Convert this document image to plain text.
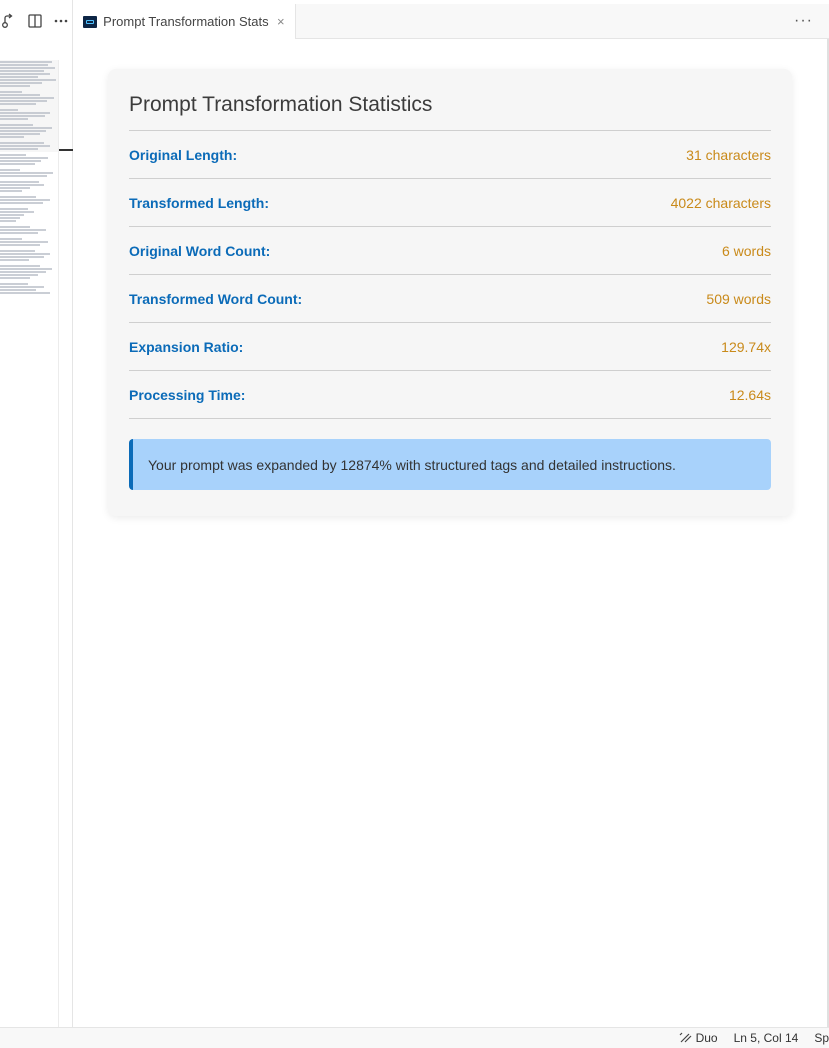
Prompt Transformation Stats ×	···
Prompt Transformation Statistics
Original Length:	31 characters
Transformed Length:	4022 characters
Original Word Count:	6 words
Transformed Word Count:	509 words
Expansion Ratio:	129.74x
Processing Time:	12.64s
Your prompt was expanded by 12874% with structured tags and detailed instructions.
Duo Ln 5, Col 14 Sp
